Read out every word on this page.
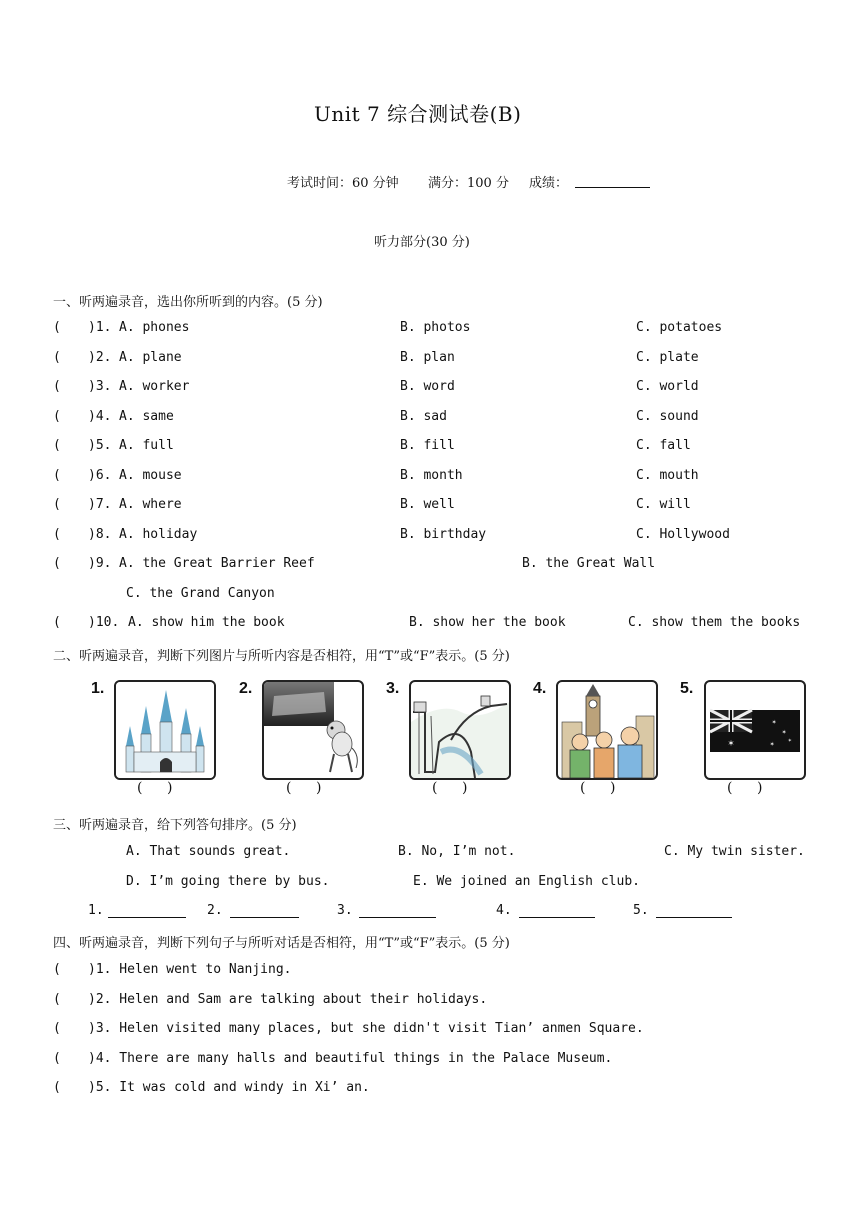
Unit 7 综合测试卷(B)
考试时间：60 分钟 满分：100 分 成绩：
听力部分(30 分)
一、听两遍录音，选出你所听到的内容。(5 分)
( )1. A. phones	B. photos	C. potatoes
( )2. A. plane	B. plan	C. plate
( )3. A. worker	B. word	C. world
( )4. A. same	B. sad	C. sound
( )5. A. full	B. fill	C. fall
( )6. A. mouse	B. month	C. mouth
( )7. A. where	B. well	C. will
( )8. A. holiday	B. birthday	C. Hollywood
( )9. A. the Great Barrier Reef	B. the Great Wall
C. the Grand Canyon
( )10. A. show him the book	B. show her the book	C. show them the books
二、听两遍录音，判断下列图片与所听内容是否相符，用“T”或“F”表示。(5 分)
1.	2.	3.	4.	5.
✶
✶
✶
✶ ✶
( )	( )	( )	( )	( )
三、听两遍录音，给下列答句排序。(5 分)
A. That sounds great.	B. No, I’m not.	C. My twin sister.
D. I’m going there by bus.	E. We joined an English club.
1.	2.	3.	4.	5.
四、听两遍录音，判断下列句子与所听对话是否相符，用“T”或“F”表示。(5 分)
( )1. Helen went to Nanjing.
( )2. Helen and Sam are talking about their holidays.
( )3. Helen visited many places, but she didn't visit Tian’ anmen Square.
( )4. There are many halls and beautiful things in the Palace Museum.
( )5. It was cold and windy in Xi’ an.
